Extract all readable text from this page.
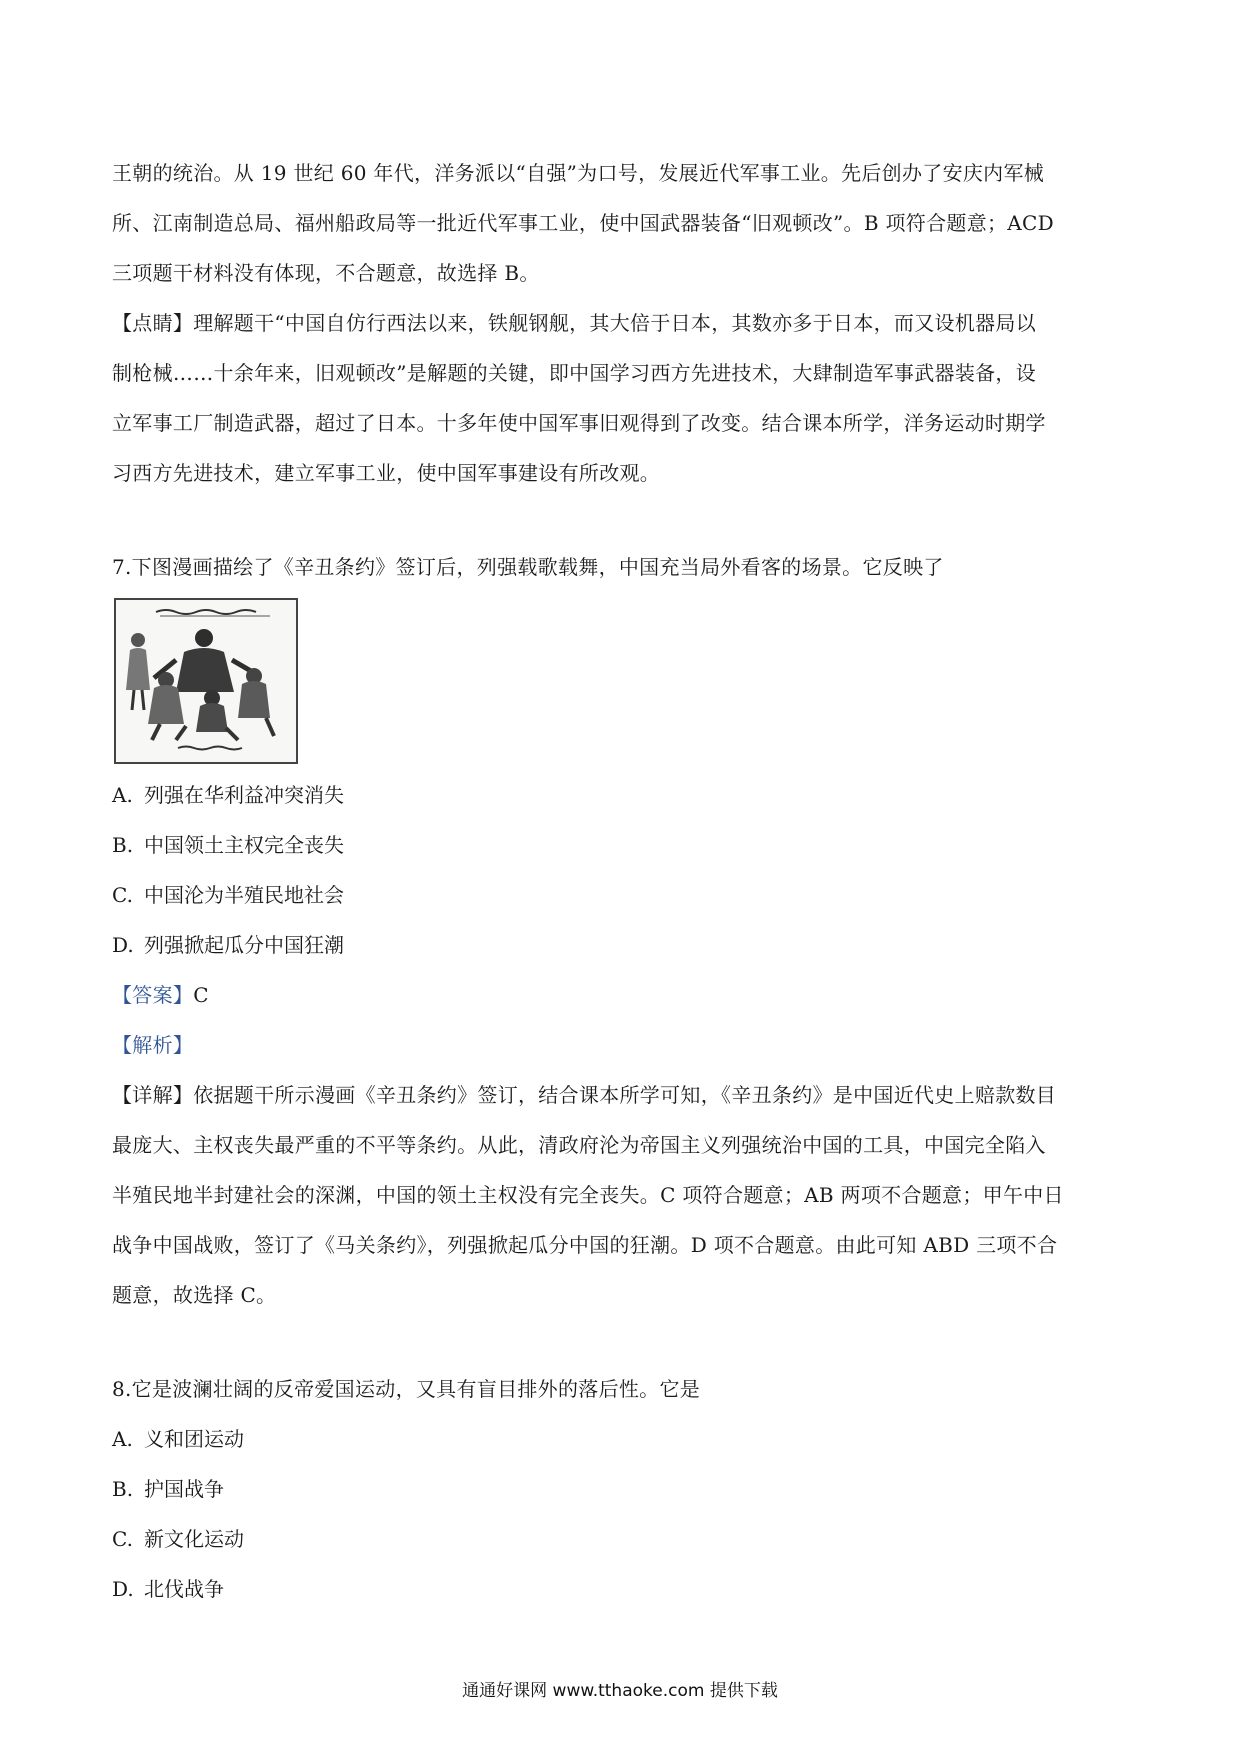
王朝的统治。从 19 世纪 60 年代，洋务派以“自强”为口号，发展近代军事工业。先后创办了安庆内军械

所、江南制造总局、福州船政局等一批近代军事工业，使中国武器装备“旧观顿改”。B 项符合题意；ACD

三项题干材料没有体现，不合题意，故选择 B。

【点睛】理解题干“中国自仿行西法以来，铁舰钢舰，其大倍于日本，其数亦多于日本，而又设机器局以

制枪械……十余年来，旧观顿改”是解题的关键，即中国学习西方先进技术，大肆制造军事武器装备，设

立军事工厂制造武器，超过了日本。十多年使中国军事旧观得到了改变。结合课本所学，洋务运动时期学

习西方先进技术，建立军事工业，使中国军事建设有所改观。

7.下图漫画描绘了《辛丑条约》签订后，列强载歌载舞，中国充当局外看客的场景。它反映了

A. 列强在华利益冲突消失

B. 中国领土主权完全丧失

C. 中国沦为半殖民地社会

D. 列强掀起瓜分中国狂潮

【答案】C

【解析】

【详解】依据题干所示漫画《辛丑条约》签订，结合课本所学可知，《辛丑条约》是中国近代史上赔款数目

最庞大、主权丧失最严重的不平等条约。从此，清政府沦为帝国主义列强统治中国的工具，中国完全陷入

半殖民地半封建社会的深渊，中国的领土主权没有完全丧失。C 项符合题意；AB 两项不合题意；甲午中日

战争中国战败，签订了《马关条约》，列强掀起瓜分中国的狂潮。D 项不合题意。由此可知 ABD 三项不合

题意，故选择 C。

8.它是波澜壮阔的反帝爱国运动，又具有盲目排外的落后性。它是

A. 义和团运动

B. 护国战争

C. 新文化运动

D. 北伐战争

通通好课网 www.tthaoke.com 提供下载
